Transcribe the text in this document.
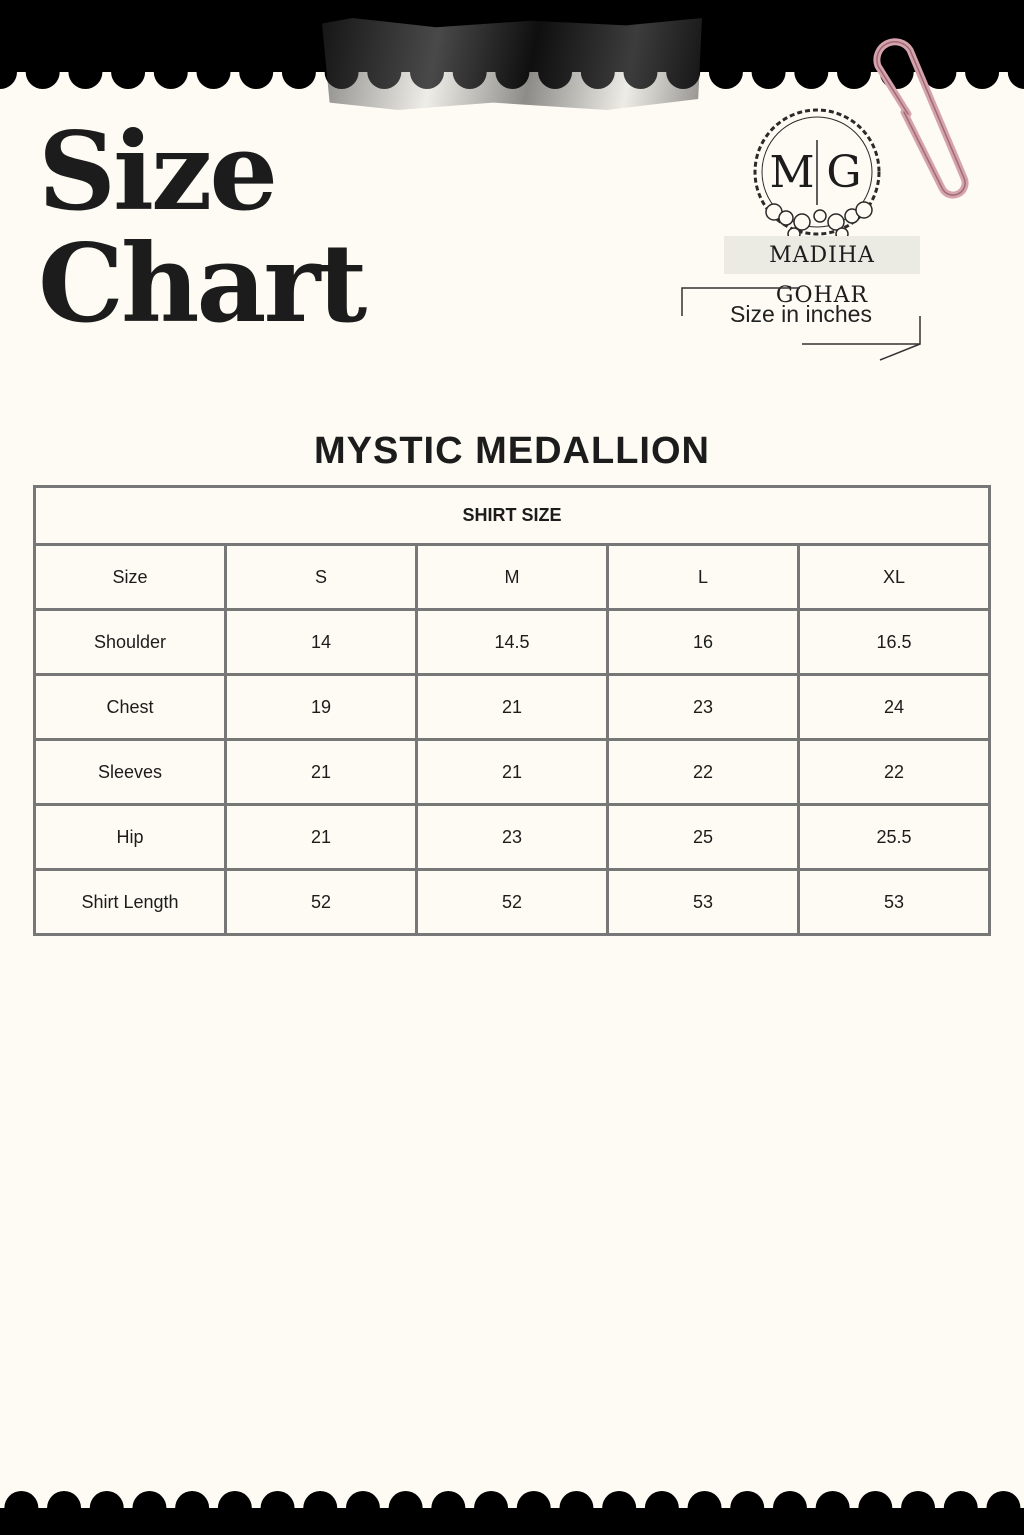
Size
Chart
M G
MADIHA GOHAR
Size in inches
MYSTIC MEDALLION
SHIRT SIZE				
Size	S	M	L	XL
Shoulder	14	14.5	16	16.5
Chest	19	21	23	24
Sleeves	21	21	22	22
Hip	21	23	25	25.5
Shirt Length	52	52	53	53
